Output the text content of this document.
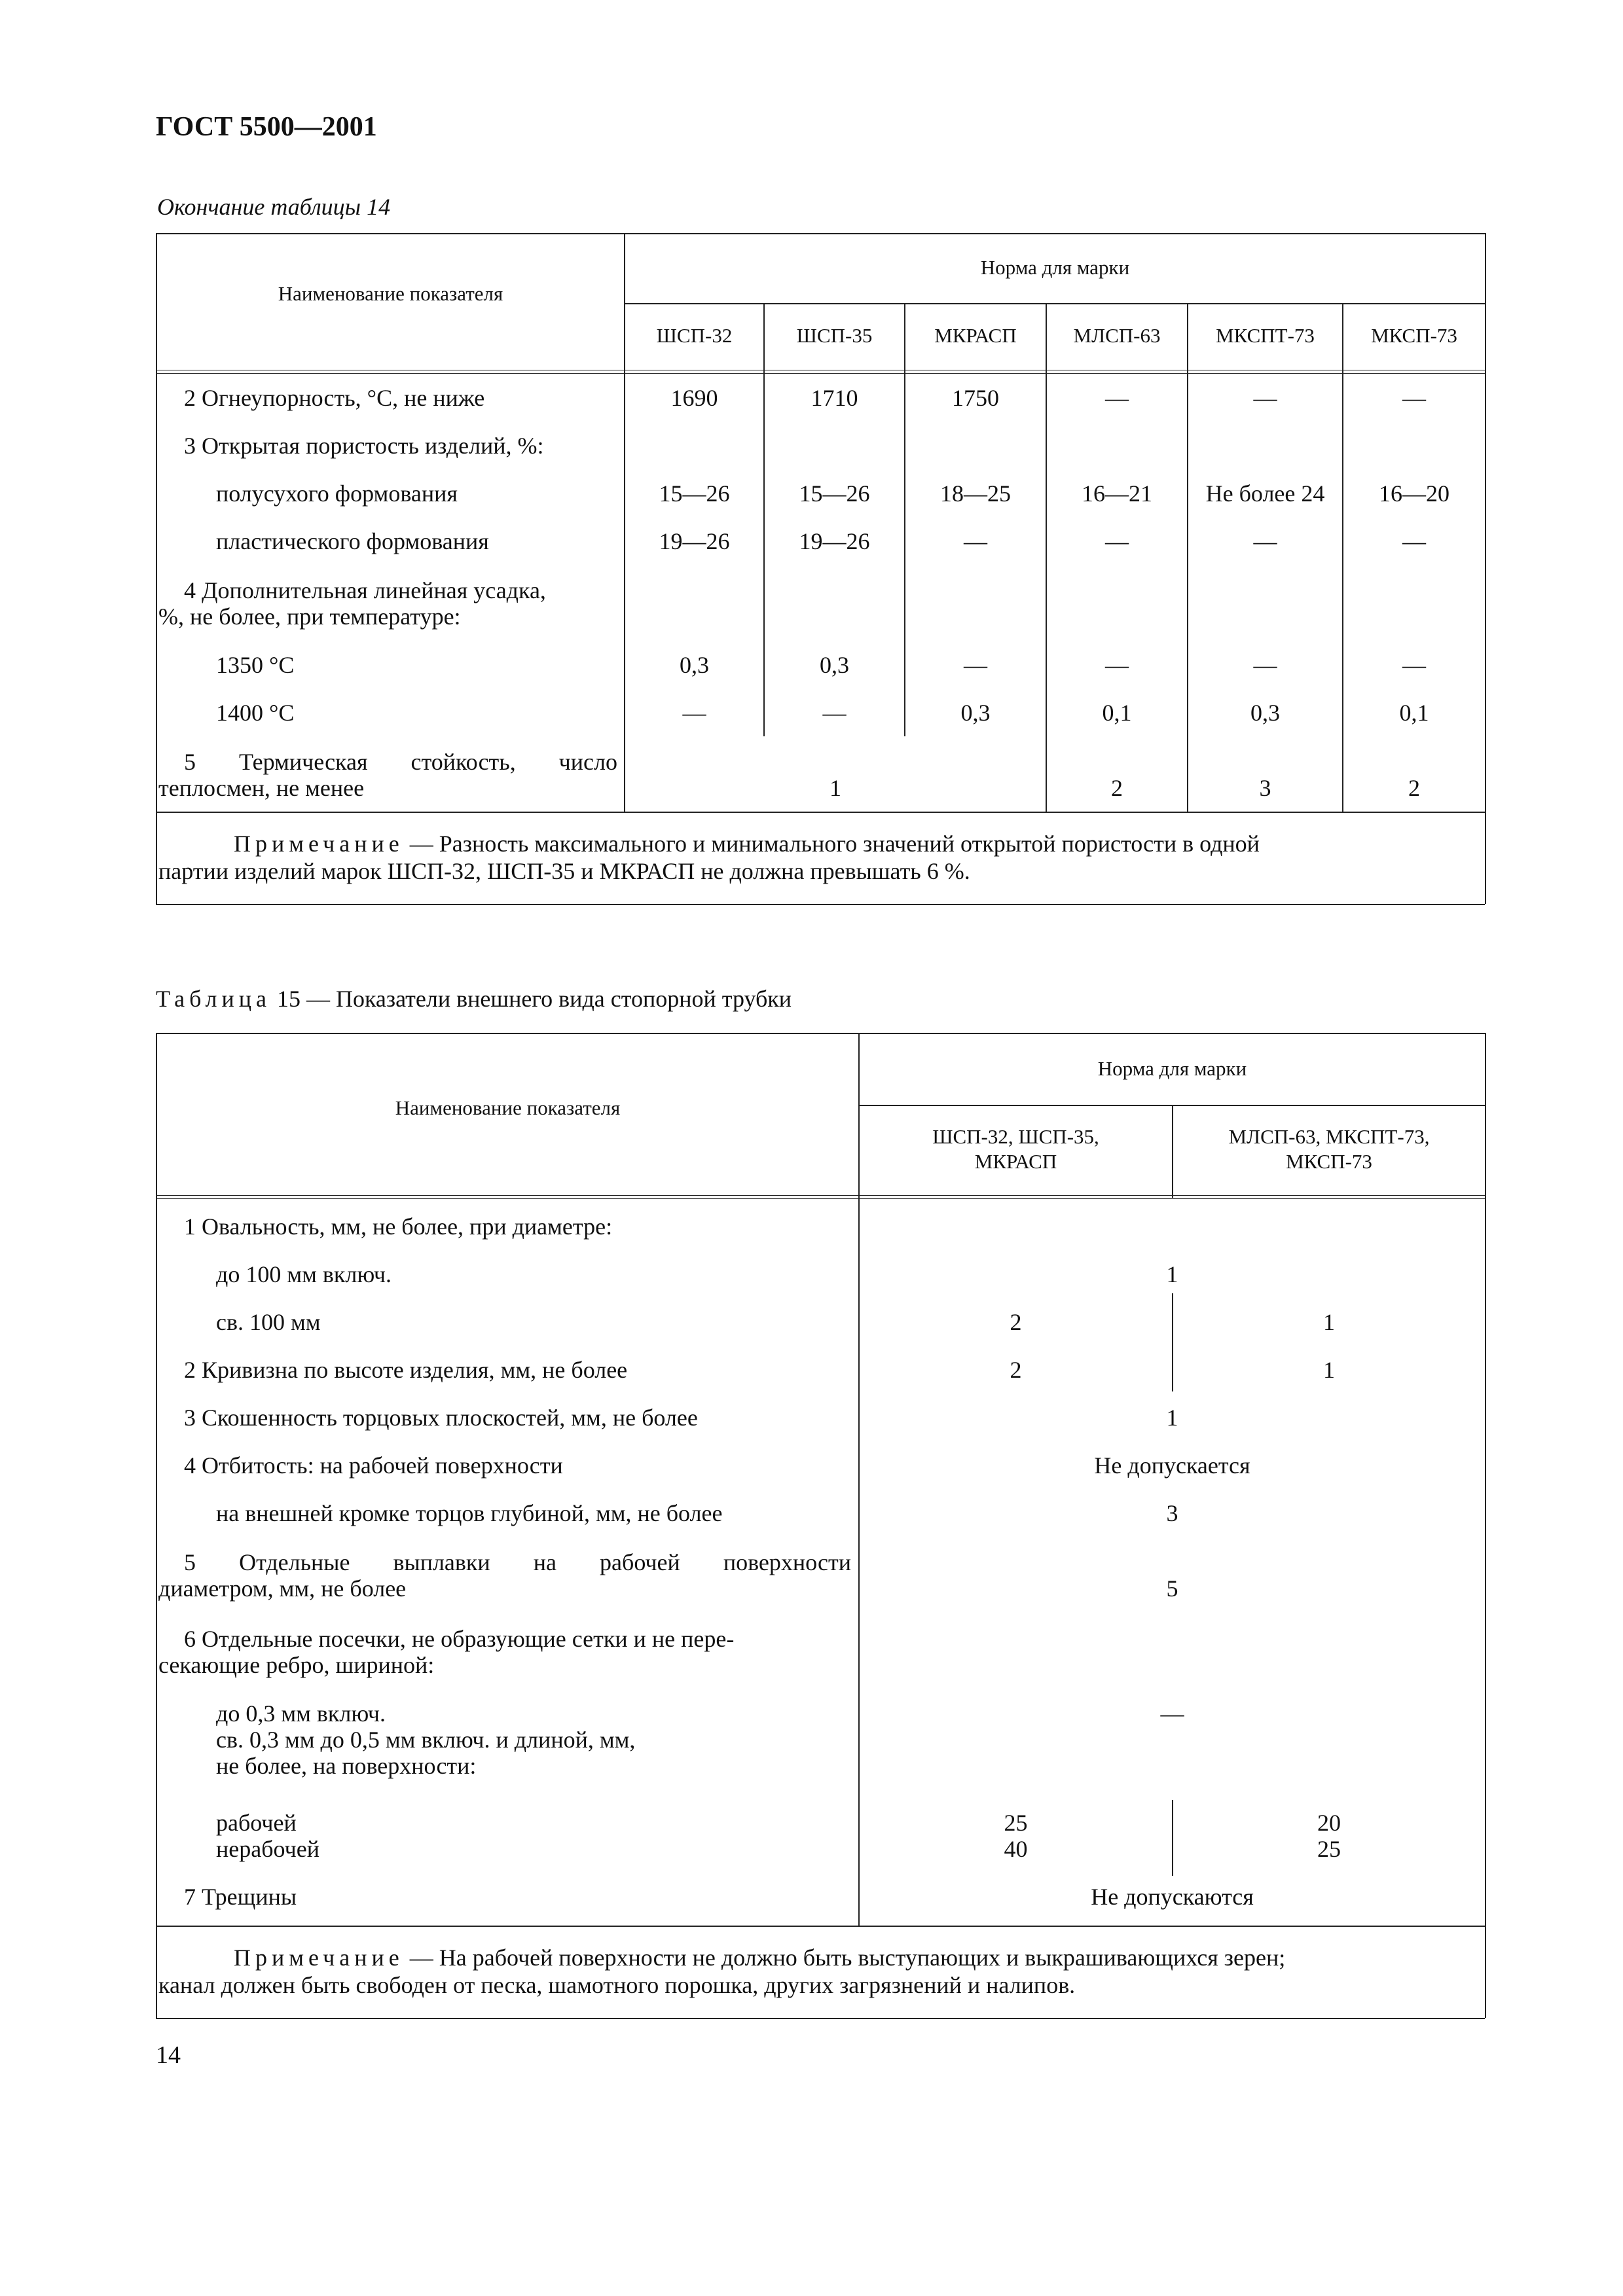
ГОСТ 5500—2001
Окончание таблицы 14
Наименование показателя
Норма для марки
ШСП-32	ШСП-35	МКРАСП	МЛСП-63	МКСПТ-73	МКСП-73
2 Огнеупорность, °С, не ниже	1690	1710	1750	—	—	—
3 Открытая пористость изделий, %:
полусухого формования	15—26	15—26	18—25	16—21	Не более 24	16—20
пластического формования	19—26	19—26	—	—	—	—
4 Дополнительная линейная усадка,
%, не более, при температуре:
1350 °С	0,3	0,3	—	—	—	—
1400 °С	—	—	0,3	0,1	0,3	0,1
5 Термическая стойкость, число
теплосмен, не менее	1	2	3	2
Примечание — Разность максимального и минимального значений открытой пористости в одной
партии изделий марок ШСП-32, ШСП-35 и МКРАСП не должна превышать 6 %.
Таблица 15 — Показатели внешнего вида стопорной трубки
Наименование показателя
Норма для марки
ШСП-32, ШСП-35,
МКРАСП
МЛСП-63, МКСПТ-73,
МКСП-73
1 Овальность, мм, не более, при диаметре:
до 100 мм включ.	1
св. 100 мм	2	1
2 Кривизна по высоте изделия, мм, не более	2	1
3 Скошенность торцовых плоскостей, мм, не более	1
4 Отбитость: на рабочей поверхности	Не допускается
на внешней кромке торцов глубиной, мм, не более	3
5 Отдельные выплавки на рабочей поверхности
диаметром, мм, не более	5
6 Отдельные посечки, не образующие сетки и не пере-
секающие ребро, шириной:
до 0,3 мм включ.	—
св. 0,3 мм до 0,5 мм включ. и длиной, мм,
не более, на поверхности:
рабочей	25	20
нерабочей	40	25
7 Трещины	Не допускаются
Примечание — На рабочей поверхности не должно быть выступающих и выкрашивающихся зерен;
канал должен быть свободен от песка, шамотного порошка, других загрязнений и налипов.
14
